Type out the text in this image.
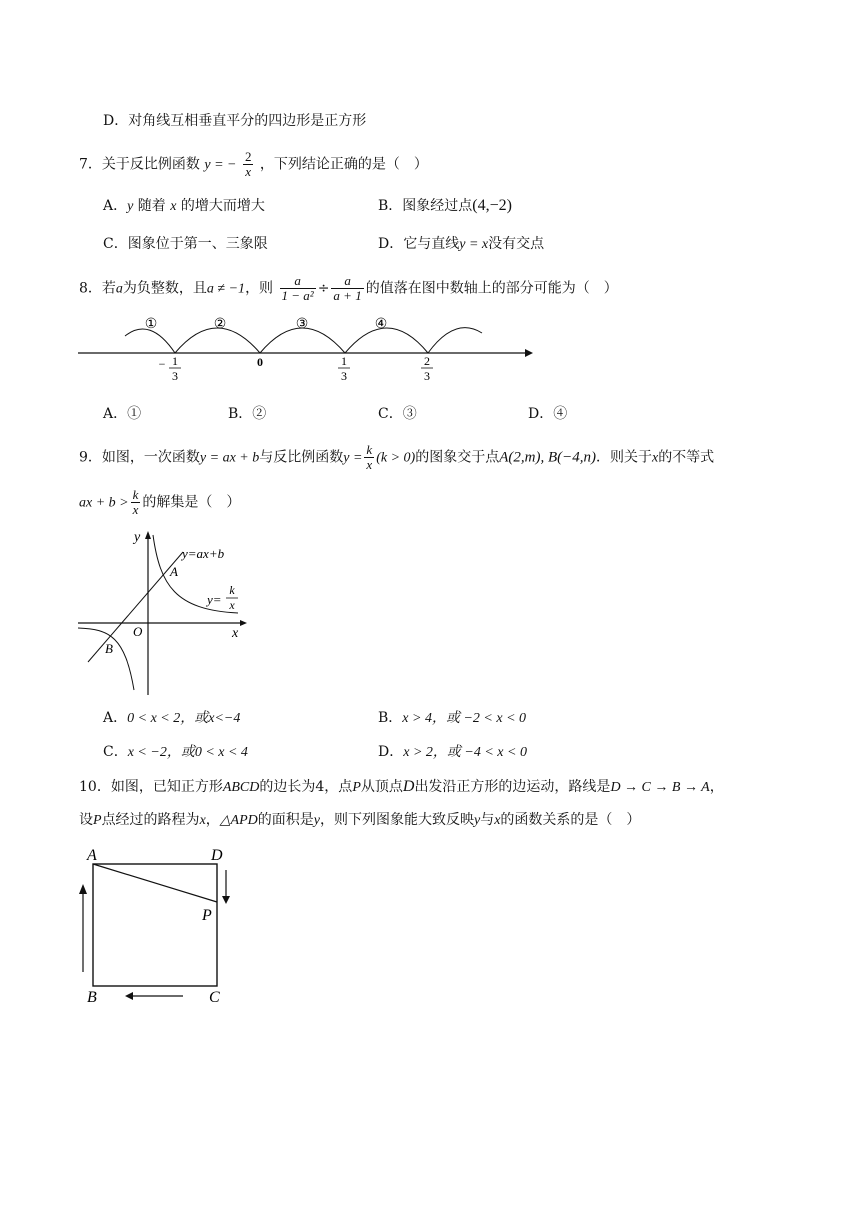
D．对角线互相垂直平分的四边形是正方形
7．关于反比例函数 y = − $\frac{2}{x}$ ，下列结论正确的是（　）
A．y 随着 x 的增大而增大	B．图象经过点(4,−2)
C．图象位于第一、三象限	D．它与直线y = x没有交点
8．若a为负整数，且a ≠ −1，则 $\frac{a}{\text{1 − a²}} \div \frac{a}{a + 1}$ 的值落在图中数轴上的部分可能为（　）
①	②	③	④
− 1
3
0	1
3
2
3
A．①	B．②	C．③	D．④
9．如图，一次函数y = ax + b与反比例函数$y = \frac{k}{x} (k > 0)$的图象交于点A(2,m), B(−4,n)．则关于x的不等式
ax + $b > \frac{k}{x}$ 的解集是（　）
y
x
O
y=ax+b
A
B
y=
k
x
A．0 < x < 2，或x<−4	B．x > 4，或 −2 < x < 0
C．x < −2，或0 < x < 4	D．x > 2，或 −4 < x < 0
10．如图，已知正方形ABCD的边长为4，点P从顶点D出发沿正方形的边运动，路线是D → C → B → A，
设P点经过的路程为x，△APD的面积是y，则下列图象能大致反映y与x的函数关系的是（　）
A	D
B	C
P
